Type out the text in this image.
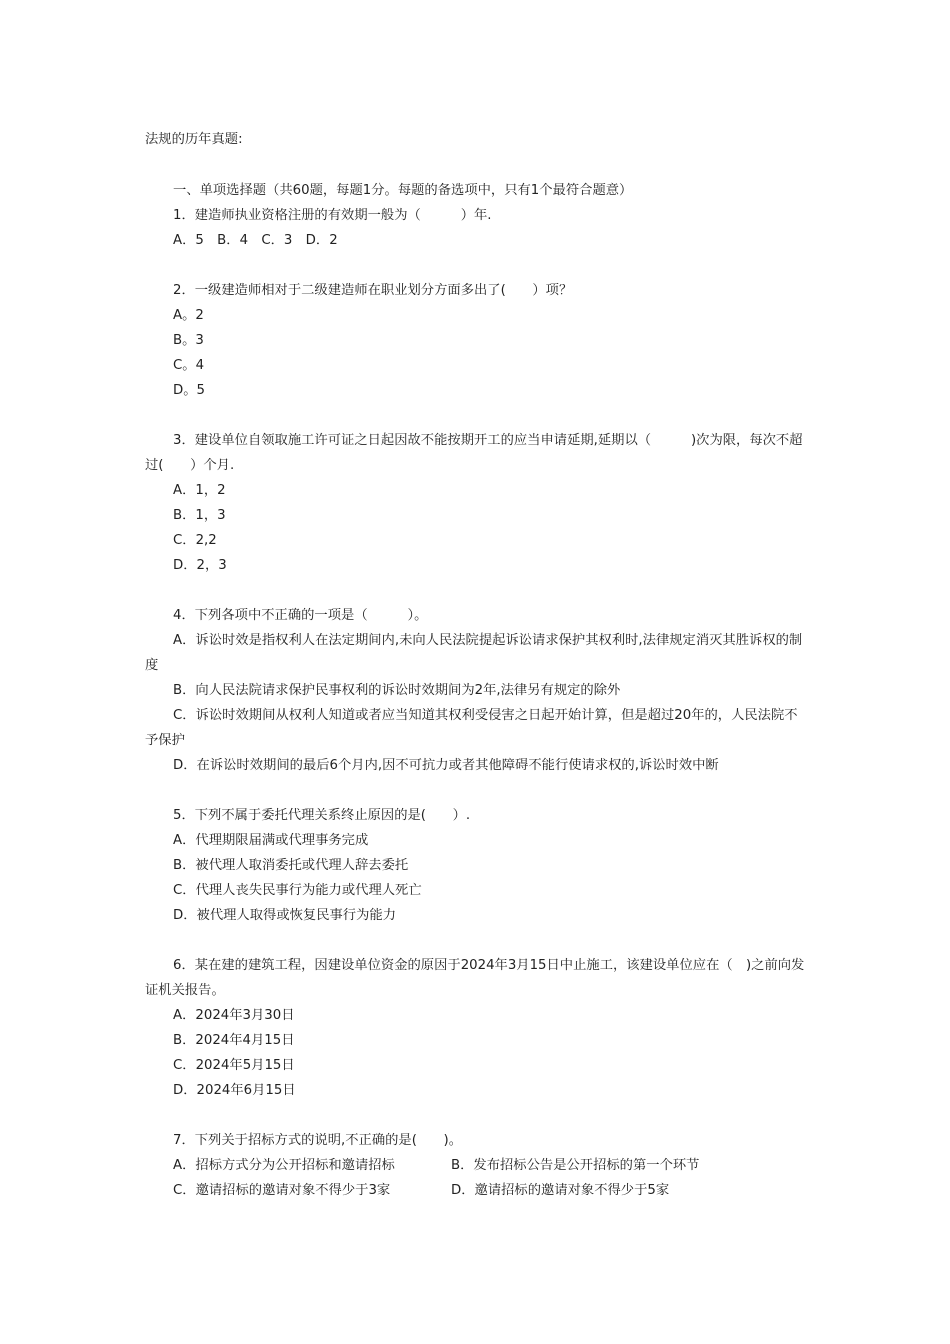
法规的历年真题:
一、单项选择题（共60题，每题1分。每题的备选项中，只有1个最符合题意）
1．建造师执业资格注册的有效期一般为（　　　）年.
A．5　B．4　C．3　D．2
2．一级建造师相对于二级建造师在职业划分方面多出了(　　）项？
A。2
B。3
C。4
D。5
3．建设单位自领取施工许可证之日起因故不能按期开工的应当申请延期,延期以（　　　)次为限，每次不超过(　　）个月.
A．1，2
B．1，3
C．2,2
D．2，3
4．下列各项中不正确的一项是（　　　）。
A．诉讼时效是指权利人在法定期间内,未向人民法院提起诉讼请求保护其权利时,法律规定消灭其胜诉权的制度
B．向人民法院请求保护民事权利的诉讼时效期间为2年,法律另有规定的除外
C．诉讼时效期间从权利人知道或者应当知道其权利受侵害之日起开始计算，但是超过20年的，人民法院不予保护
D．在诉讼时效期间的最后6个月内,因不可抗力或者其他障碍不能行使请求权的,诉讼时效中断
5．下列不属于委托代理关系终止原因的是(　　）.
A．代理期限届满或代理事务完成
B．被代理人取消委托或代理人辞去委托
C．代理人丧失民事行为能力或代理人死亡
D．被代理人取得或恢复民事行为能力
6．某在建的建筑工程，因建设单位资金的原因于2024年3月15日中止施工，该建设单位应在（　)之前向发证机关报告。
A．2024年3月30日
B．2024年4月15日
C．2024年5月15日
D．2024年6月15日
7．下列关于招标方式的说明,不正确的是(　　)。
A．招标方式分为公开招标和邀请招标	B．发布招标公告是公开招标的第一个环节
C．邀请招标的邀请对象不得少于3家	D．邀请招标的邀请对象不得少于5家
